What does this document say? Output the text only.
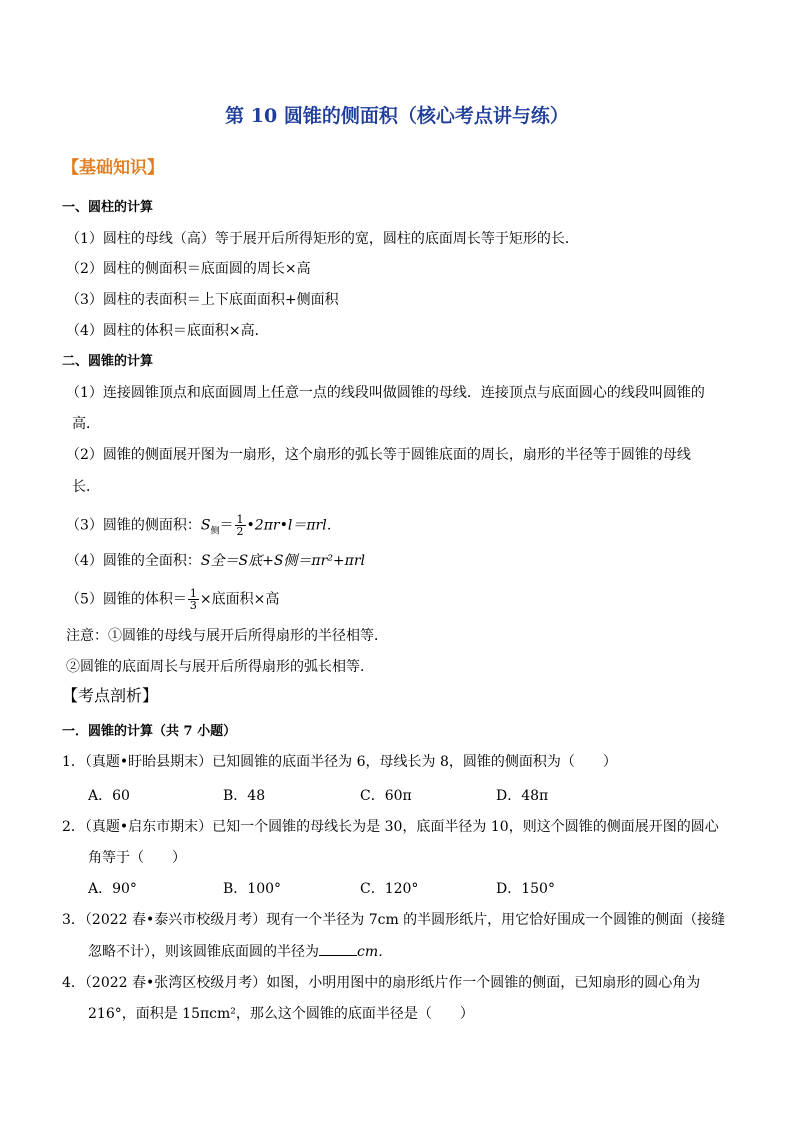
第 10 圆锥的侧面积（核心考点讲与练）
【基础知识】
一、圆柱的计算
（1）圆柱的母线（高）等于展开后所得矩形的宽，圆柱的底面周长等于矩形的长．
（2）圆柱的侧面积＝底面圆的周长×高
（3）圆柱的表面积＝上下底面面积+侧面积
（4）圆柱的体积＝底面积×高．
二、圆锥的计算
（1）连接圆锥顶点和底面圆周上任意一点的线段叫做圆锥的母线．连接顶点与底面圆心的线段叫圆锥的
高．
（2）圆锥的侧面展开图为一扇形，这个扇形的弧长等于圆锥底面的周长，扇形的半径等于圆锥的母线
长．
（3）圆锥的侧面积：$S_侧= \frac{1}{2}$ •2πr•l＝πrl．
（4）圆锥的全面积：S全＝S底+S侧＝πr²+πrl
（5）圆锥的体积＝ $\frac{1}{3}$ ×底面积×高
注意：①圆锥的母线与展开后所得扇形的半径相等．
②圆锥的底面周长与展开后所得扇形的弧长相等．
【考点剖析】
一．圆锥的计算（共 7 小题）
1．（真题•盱眙县期末）已知圆锥的底面半径为 6，母线长为 8，圆锥的侧面积为（　　）
A．60	B．48	C．60π	D．48π
2．（真题•启东市期末）已知一个圆锥的母线长为是 30，底面半径为 10，则这个圆锥的侧面展开图的圆心
角等于（　　）
A．90°	B．100°	C．120°	D．150°
3．（2022 春•泰兴市校级月考）现有一个半径为 7cm 的半圆形纸片，用它恰好围成一个圆锥的侧面（接缝
忽略不计），则该圆锥底面圆的半径为	cm．
4．（2022 春•张湾区校级月考）如图，小明用图中的扇形纸片作一个圆锥的侧面，已知扇形的圆心角为
216°，面积是 15πcm²，那么这个圆锥的底面半径是（　　）
